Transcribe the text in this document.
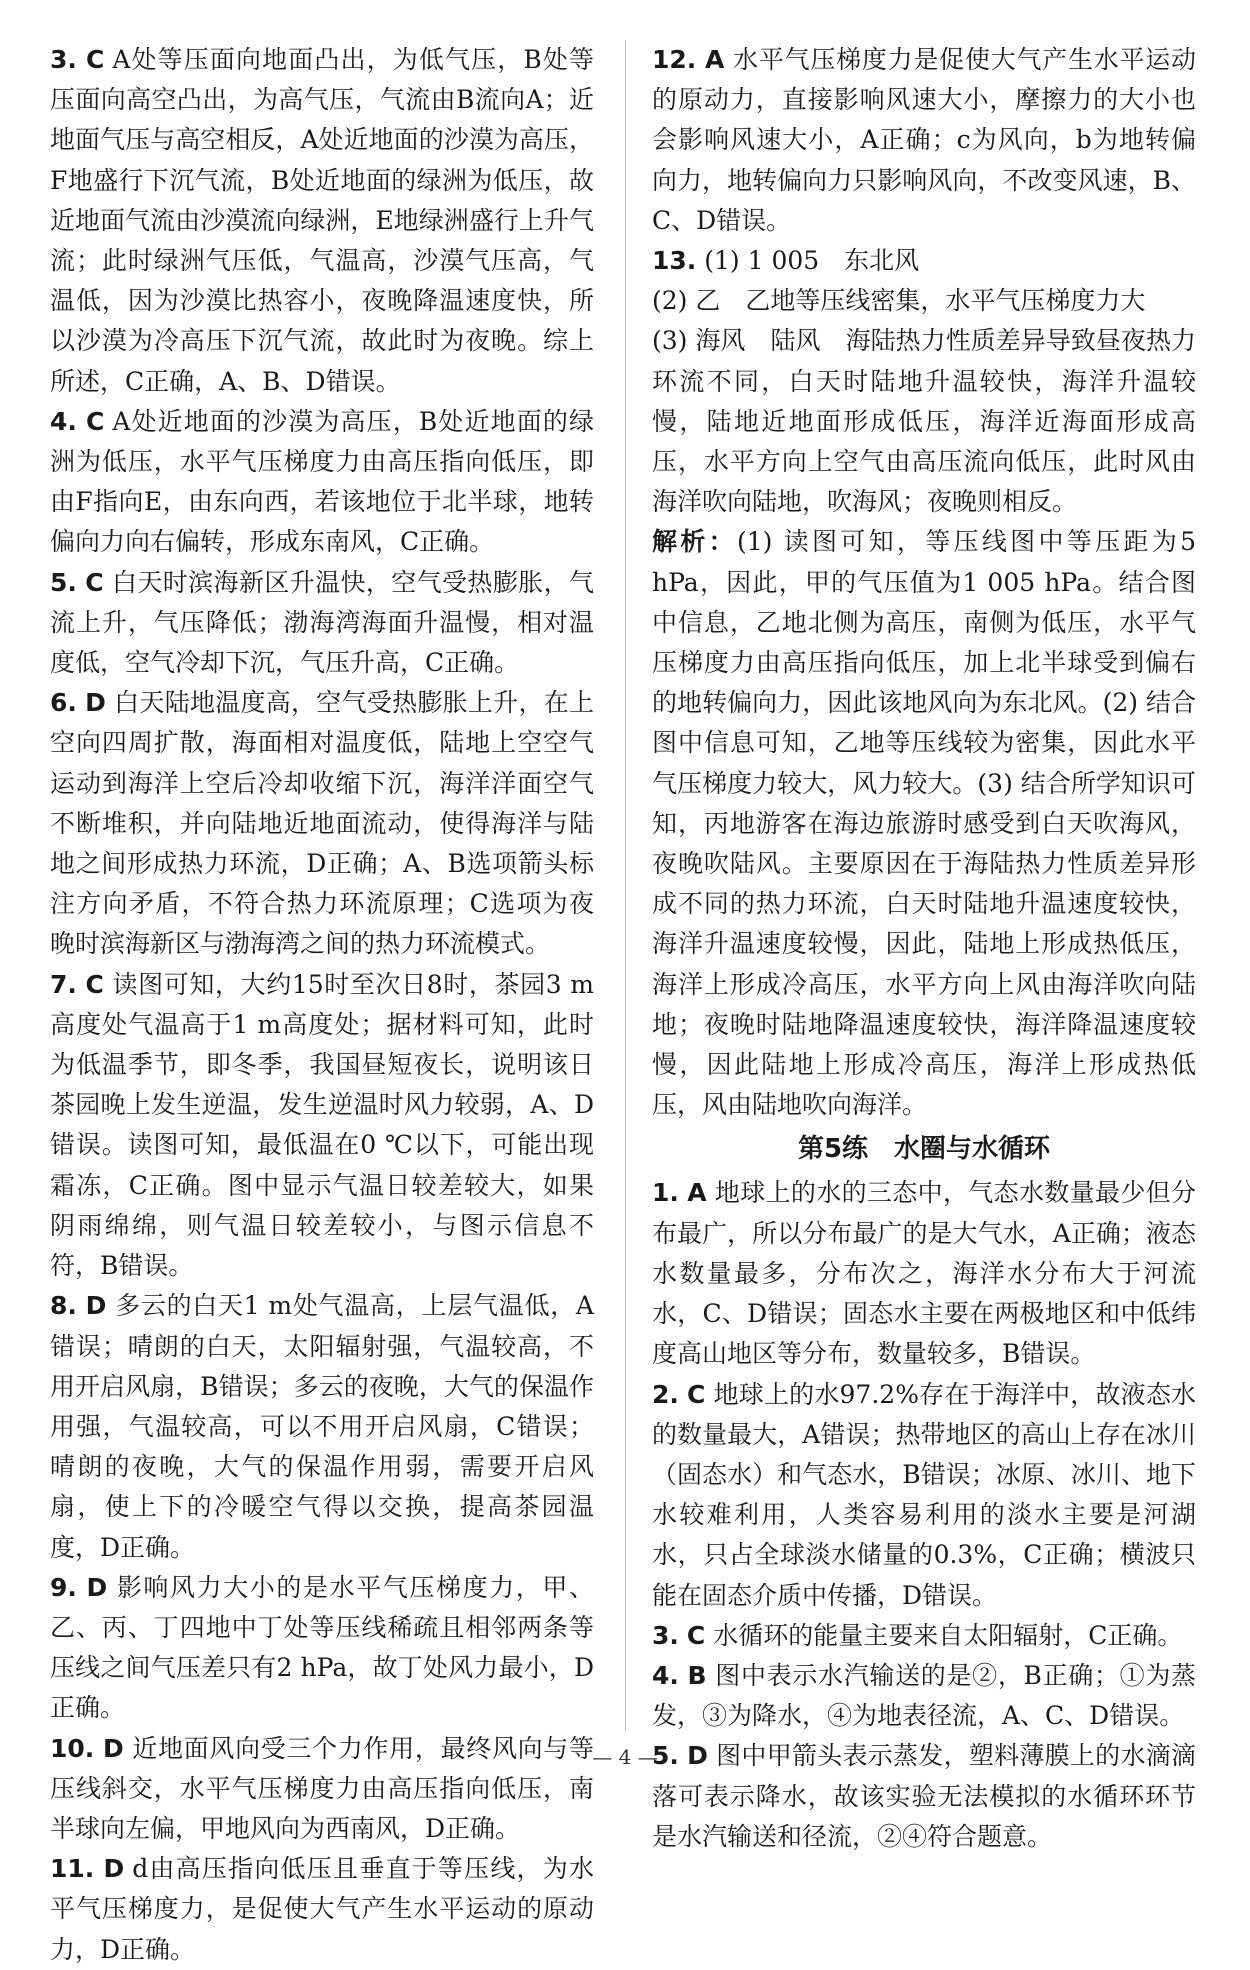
3. C A处等压面向地面凸出，为低气压，B处等压面向高空凸出，为高气压，气流由B流向A；近地面气压与高空相反，A处近地面的沙漠为高压，F地盛行下沉气流，B处近地面的绿洲为低压，故近地面气流由沙漠流向绿洲，E地绿洲盛行上升气流；此时绿洲气压低，气温高，沙漠气压高，气温低，因为沙漠比热容小，夜晚降温速度快，所以沙漠为冷高压下沉气流，故此时为夜晚。综上所述，C正确，A、B、D错误。

4. C A处近地面的沙漠为高压，B处近地面的绿洲为低压，水平气压梯度力由高压指向低压，即由F指向E，由东向西，若该地位于北半球，地转偏向力向右偏转，形成东南风，C正确。

5. C 白天时滨海新区升温快，空气受热膨胀，气流上升，气压降低；渤海湾海面升温慢，相对温度低，空气冷却下沉，气压升高，C正确。

6. D 白天陆地温度高，空气受热膨胀上升，在上空向四周扩散，海面相对温度低，陆地上空空气运动到海洋上空后冷却收缩下沉，海洋洋面空气不断堆积，并向陆地近地面流动，使得海洋与陆地之间形成热力环流，D正确；A、B选项箭头标注方向矛盾，不符合热力环流原理；C选项为夜晚时滨海新区与渤海湾之间的热力环流模式。

7. C 读图可知，大约15时至次日8时，茶园3 m高度处气温高于1 m高度处；据材料可知，此时为低温季节，即冬季，我国昼短夜长，说明该日茶园晚上发生逆温，发生逆温时风力较弱，A、D错误。读图可知，最低温在0 ℃以下，可能出现霜冻，C正确。图中显示气温日较差较大，如果阴雨绵绵，则气温日较差较小，与图示信息不符，B错误。

8. D 多云的白天1 m处气温高，上层气温低，A错误；晴朗的白天，太阳辐射强，气温较高，不用开启风扇，B错误；多云的夜晚，大气的保温作用强，气温较高，可以不用开启风扇，C错误；晴朗的夜晚，大气的保温作用弱，需要开启风扇，使上下的冷暖空气得以交换，提高茶园温度，D正确。

9. D 影响风力大小的是水平气压梯度力，甲、乙、丙、丁四地中丁处等压线稀疏且相邻两条等压线之间气压差只有2 hPa，故丁处风力最小，D正确。

10. D 近地面风向受三个力作用，最终风向与等压线斜交，水平气压梯度力由高压指向低压，南半球向左偏，甲地风向为西南风，D正确。

11. D d由高压指向低压且垂直于等压线，为水平气压梯度力，是促使大气产生水平运动的原动力，D正确。

12. A 水平气压梯度力是促使大气产生水平运动的原动力，直接影响风速大小，摩擦力的大小也会影响风速大小，A正确；c为风向，b为地转偏向力，地转偏向力只影响风向，不改变风速，B、C、D错误。

13. (1) 1 005　东北风

(2) 乙　乙地等压线密集，水平气压梯度力大

(3) 海风　陆风　海陆热力性质差异导致昼夜热力环流不同，白天时陆地升温较快，海洋升温较慢，陆地近地面形成低压，海洋近海面形成高压，水平方向上空气由高压流向低压，此时风由海洋吹向陆地，吹海风；夜晚则相反。

解析：(1) 读图可知，等压线图中等压距为5 hPa，因此，甲的气压值为1 005 hPa。结合图中信息，乙地北侧为高压，南侧为低压，水平气压梯度力由高压指向低压，加上北半球受到偏右的地转偏向力，因此该地风向为东北风。(2) 结合图中信息可知，乙地等压线较为密集，因此水平气压梯度力较大，风力较大。(3) 结合所学知识可知，丙地游客在海边旅游时感受到白天吹海风，夜晚吹陆风。主要原因在于海陆热力性质差异形成不同的热力环流，白天时陆地升温速度较快，海洋升温速度较慢，因此，陆地上形成热低压，海洋上形成冷高压，水平方向上风由海洋吹向陆地；夜晚时陆地降温速度较快，海洋降温速度较慢，因此陆地上形成冷高压，海洋上形成热低压，风由陆地吹向海洋。

第5练　水圈与水循环

1. A 地球上的水的三态中，气态水数量最少但分布最广，所以分布最广的是大气水，A正确；液态水数量最多，分布次之，海洋水分布大于河流水，C、D错误；固态水主要在两极地区和中低纬度高山地区等分布，数量较多，B错误。

2. C 地球上的水97.2%存在于海洋中，故液态水的数量最大，A错误；热带地区的高山上存在冰川（固态水）和气态水，B错误；冰原、冰川、地下水较难利用，人类容易利用的淡水主要是河湖水，只占全球淡水储量的0.3%，C正确；横波只能在固态介质中传播，D错误。

3. C 水循环的能量主要来自太阳辐射，C正确。

4. B 图中表示水汽输送的是②，B正确；①为蒸发，③为降水，④为地表径流，A、C、D错误。

5. D 图中甲箭头表示蒸发，塑料薄膜上的水滴滴落可表示降水，故该实验无法模拟的水循环环节是水汽输送和径流，②④符合题意。

— 4 —
